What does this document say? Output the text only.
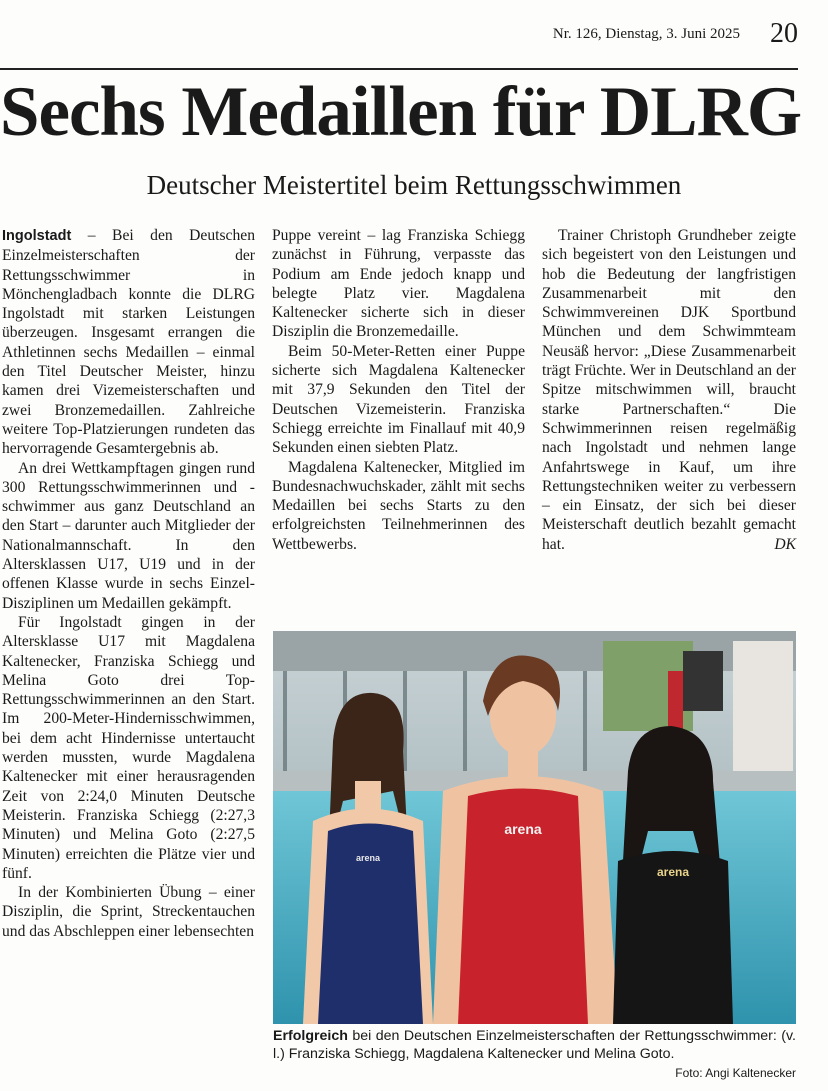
Nr. 126, Dienstag, 3. Juni 2025 20
Sechs Medaillen für DLRG
Deutscher Meistertitel beim Rettungsschwimmen

Ingolstadt – Bei den Deutschen Einzelmeisterschaften der Rettungsschwimmer in Mönchengladbach konnte die DLRG Ingolstadt mit starken Leistungen überzeugen. Insgesamt errangen die Athletinnen sechs Medaillen – einmal den Titel Deutscher Meister, hinzu kamen drei Vizemeisterschaften und zwei Bronzemedaillen. Zahlreiche weitere Top-Platzierungen rundeten das hervorragende Gesamtergebnis ab.

An drei Wettkampftagen gingen rund 300 Rettungsschwimmerinnen und -schwimmer aus ganz Deutschland an den Start – darunter auch Mitglieder der Nationalmannschaft. In den Altersklassen U17, U19 und in der offenen Klasse wurde in sechs Einzel-Disziplinen um Medaillen gekämpft.

Für Ingolstadt gingen in der Altersklasse U17 mit Magdalena Kaltenecker, Franziska Schiegg und Melina Goto drei Top-Rettungsschwimmerinnen an den Start. Im 200-Meter-Hindernisschwimmen, bei dem acht Hindernisse untertaucht werden mussten, wurde Magdalena Kaltenecker mit einer herausragenden Zeit von 2:24,0 Minuten Deutsche Meisterin. Franziska Schiegg (2:27,3 Minuten) und Melina Goto (2:27,5 Minuten) erreichten die Plätze vier und fünf.

In der Kombinierten Übung – einer Disziplin, die Sprint, Streckentauchen und das Abschleppen einer lebensechten

Puppe vereint – lag Franziska Schiegg zunächst in Führung, verpasste das Podium am Ende jedoch knapp und belegte Platz vier. Magdalena Kaltenecker sicherte sich in dieser Disziplin die Bronzemedaille.

Beim 50-Meter-Retten einer Puppe sicherte sich Magdalena Kaltenecker mit 37,9 Sekunden den Titel der Deutschen Vizemeisterin. Franziska Schiegg erreichte im Finallauf mit 40,9 Sekunden einen siebten Platz.

Magdalena Kaltenecker, Mitglied im Bundesnachwuchskader, zählt mit sechs Medaillen bei sechs Starts zu den erfolgreichsten Teilnehmerinnen des Wettbewerbs.

Trainer Christoph Grundheber zeigte sich begeistert von den Leistungen und hob die Bedeutung der langfristigen Zusammenarbeit mit den Schwimmvereinen DJK Sportbund München und dem Schwimmteam Neusäß hervor: „Diese Zusammenarbeit trägt Früchte. Wer in Deutschland an der Spitze mitschwimmen will, braucht starke Partnerschaften.“ Die Schwimmerinnen reisen regelmäßig nach Ingolstadt und nehmen lange Anfahrtswege in Kauf, um ihre Rettungstechniken weiter zu verbessern – ein Einsatz, der sich bei dieser Meisterschaft deutlich bezahlt gemacht hat.	DK

arena
arena
arena
Erfolgreich bei den Deutschen Einzelmeisterschaften der Rettungsschwimmer: (v. l.) Franziska Schiegg, Magdalena Kaltenecker und Melina Goto.
Foto: Angi Kaltenecker
